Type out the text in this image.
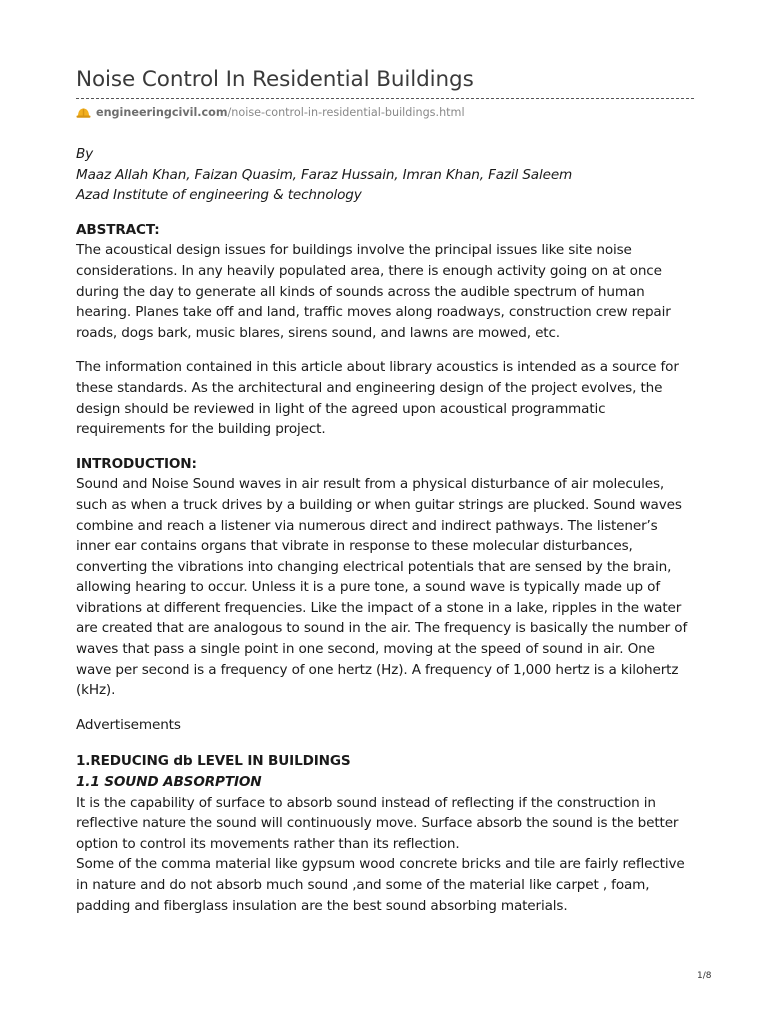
Noise Control In Residential Buildings
engineeringcivil.com /noise-control-in-residential-buildings.html

By

Maaz Allah Khan, Faizan Quasim, Faraz Hussain, Imran Khan, Fazil Saleem

Azad Institute of engineering & technology

ABSTRACT:

The acoustical design issues for buildings involve the principal issues like site noise considerations. In any heavily populated area, there is enough activity going on at once during the day to generate all kinds of sounds across the audible spectrum of human hearing. Planes take off and land, traffic moves along roadways, construction crew repair roads, dogs bark, music blares, sirens sound, and lawns are mowed, etc.

The information contained in this article about library acoustics is intended as a source for these standards. As the architectural and engineering design of the project evolves, the design should be reviewed in light of the agreed upon acoustical programmatic requirements for the building project.

INTRODUCTION:

Sound and Noise Sound waves in air result from a physical disturbance of air molecules, such as when a truck drives by a building or when guitar strings are plucked. Sound waves combine and reach a listener via numerous direct and indirect pathways. The listener’s inner ear contains organs that vibrate in response to these molecular disturbances, converting the vibrations into changing electrical potentials that are sensed by the brain, allowing hearing to occur. Unless it is a pure tone, a sound wave is typically made up of vibrations at different frequencies. Like the impact of a stone in a lake, ripples in the water are created that are analogous to sound in the air. The frequency is basically the number of waves that pass a single point in one second, moving at the speed of sound in air. One wave per second is a frequency of one hertz (Hz). A frequency of 1,000 hertz is a kilohertz (kHz).

Advertisements

1.REDUCING db LEVEL IN BUILDINGS

1.1 SOUND ABSORPTION

It is the capability of surface to absorb sound instead of reflecting if the construction in reflective nature the sound will continuously move. Surface absorb the sound is the better option to control its movements rather than its reflection.

Some of the comma material like gypsum wood concrete bricks and tile are fairly reflective in nature and do not absorb much sound ,and some of the material like carpet , foam, padding and fiberglass insulation are the best sound absorbing materials.

1/8
